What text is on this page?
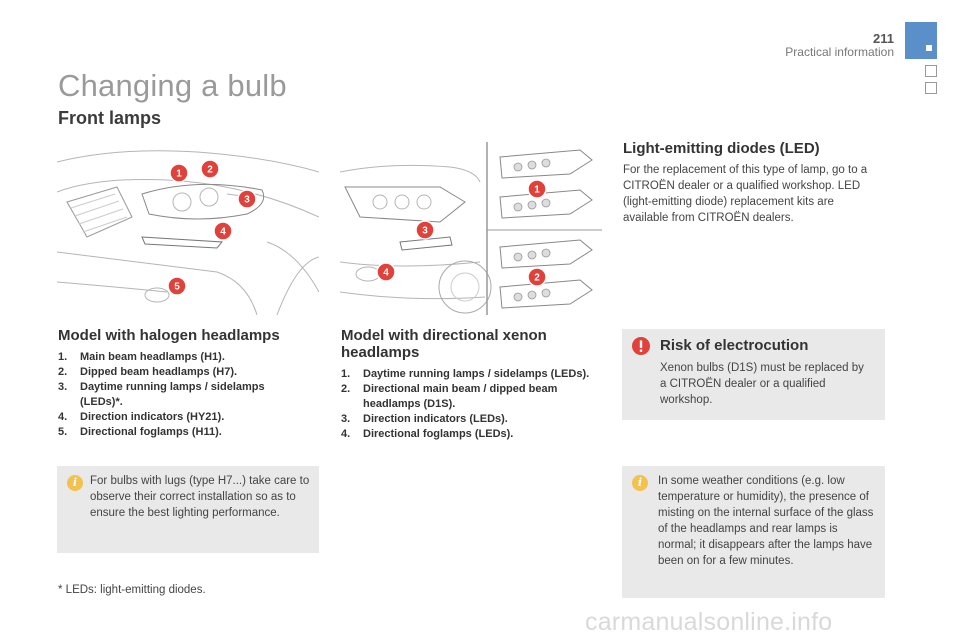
211
Practical information
Changing a bulb
Front lamps
1	2
3
4
5
1
2
3
4
Model with halogen headlamps
1.	Main beam headlamps (H1).
2.	Dipped beam headlamps (H7).
3.	Daytime running lamps / sidelamps (LEDs)*.
4.	Direction indicators (HY21).
5.	Directional foglamps (H11).
i	For bulbs with lugs (type H7...) take care to observe their correct installation so as to ensure the best lighting performance.

* LEDs: light-emitting diodes.

Model with directional xenon headlamps
1.	Daytime running lamps / sidelamps (LEDs).
2.	Directional main beam / dipped beam headlamps (D1S).
3.	Direction indicators (LEDs).
4.	Directional foglamps (LEDs).
Light-emitting diodes (LED)

For the replacement of this type of lamp, go to a CITROËN dealer or a qualified workshop. LED (light-emitting diode) replacement kits are available from CITROËN dealers.

Risk of electrocution

Xenon bulbs (D1S) must be replaced by a CITROËN dealer or a qualified workshop.

i	In some weather conditions (e.g. low temperature or humidity), the presence of misting on the internal surface of the glass of the headlamps and rear lamps is normal; it disappears after the lamps have been on for a few minutes.

carmanualsonline.info
